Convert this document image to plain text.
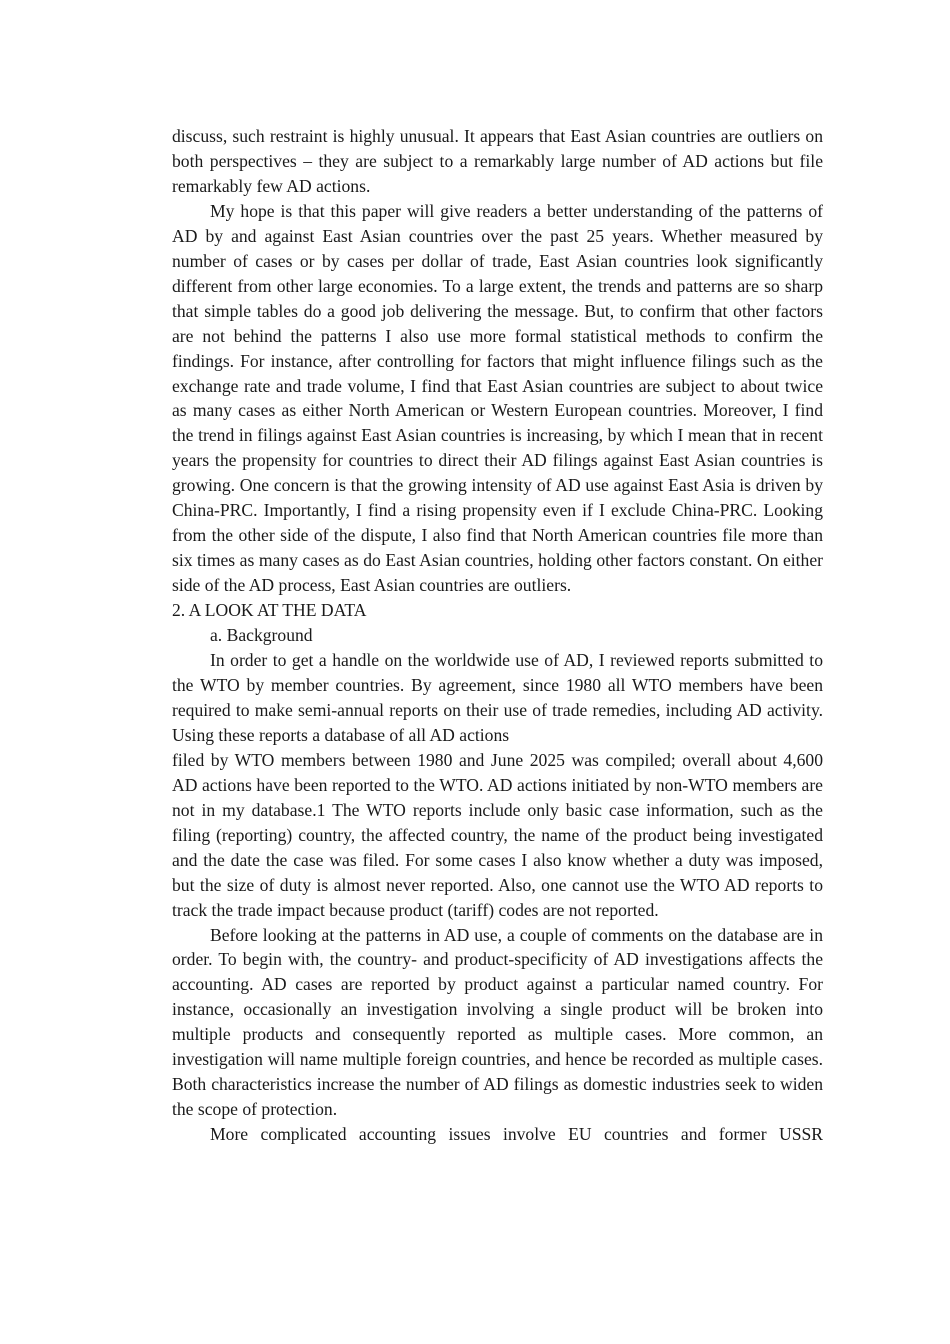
discuss, such restraint is highly unusual. It appears that East Asian countries are outliers on both perspectives – they are subject to a remarkably large number of AD actions but file remarkably few AD actions.

My hope is that this paper will give readers a better understanding of the patterns of AD by and against East Asian countries over the past 25 years. Whether measured by number of cases or by cases per dollar of trade, East Asian countries look significantly different from other large economies. To a large extent, the trends and patterns are so sharp that simple tables do a good job delivering the message. But, to confirm that other factors are not behind the patterns I also use more formal statistical methods to confirm the findings. For instance, after controlling for factors that might influence filings such as the exchange rate and trade volume, I find that East Asian countries are subject to about twice as many cases as either North American or Western European countries. Moreover, I find the trend in filings against East Asian countries is increasing, by which I mean that in recent years the propensity for countries to direct their AD filings against East Asian countries is growing. One concern is that the growing intensity of AD use against East Asia is driven by China-PRC. Importantly, I find a rising propensity even if I exclude China-PRC. Looking from the other side of the dispute, I also find that North American countries file more than six times as many cases as do East Asian countries, holding other factors constant. On either side of the AD process, East Asian countries are outliers.

2. A LOOK AT THE DATA

a. Background

In order to get a handle on the worldwide use of AD, I reviewed reports submitted to the WTO by member countries. By agreement, since 1980 all WTO members have been required to make semi-annual reports on their use of trade remedies, including AD activity. Using these reports a database of all AD actions
filed by WTO members between 1980 and June 2025 was compiled; overall about 4,600 AD actions have been reported to the WTO. AD actions initiated by non-WTO members are not in my database.1 The WTO reports include only basic case information, such as the filing (reporting) country, the affected country, the name of the product being investigated and the date the case was filed. For some cases I also know whether a duty was imposed, but the size of duty is almost never reported. Also, one cannot use the WTO AD reports to track the trade impact because product (tariff) codes are not reported.

Before looking at the patterns in AD use, a couple of comments on the database are in order. To begin with, the country- and product-specificity of AD investigations affects the accounting. AD cases are reported by product against a particular named country. For instance, occasionally an investigation involving a single product will be broken into multiple products and consequently reported as multiple cases. More common, an investigation will name multiple foreign countries, and hence be recorded as multiple cases. Both characteristics increase the number of AD filings as domestic industries seek to widen the scope of protection.

More complicated accounting issues involve EU countries and former USSR
